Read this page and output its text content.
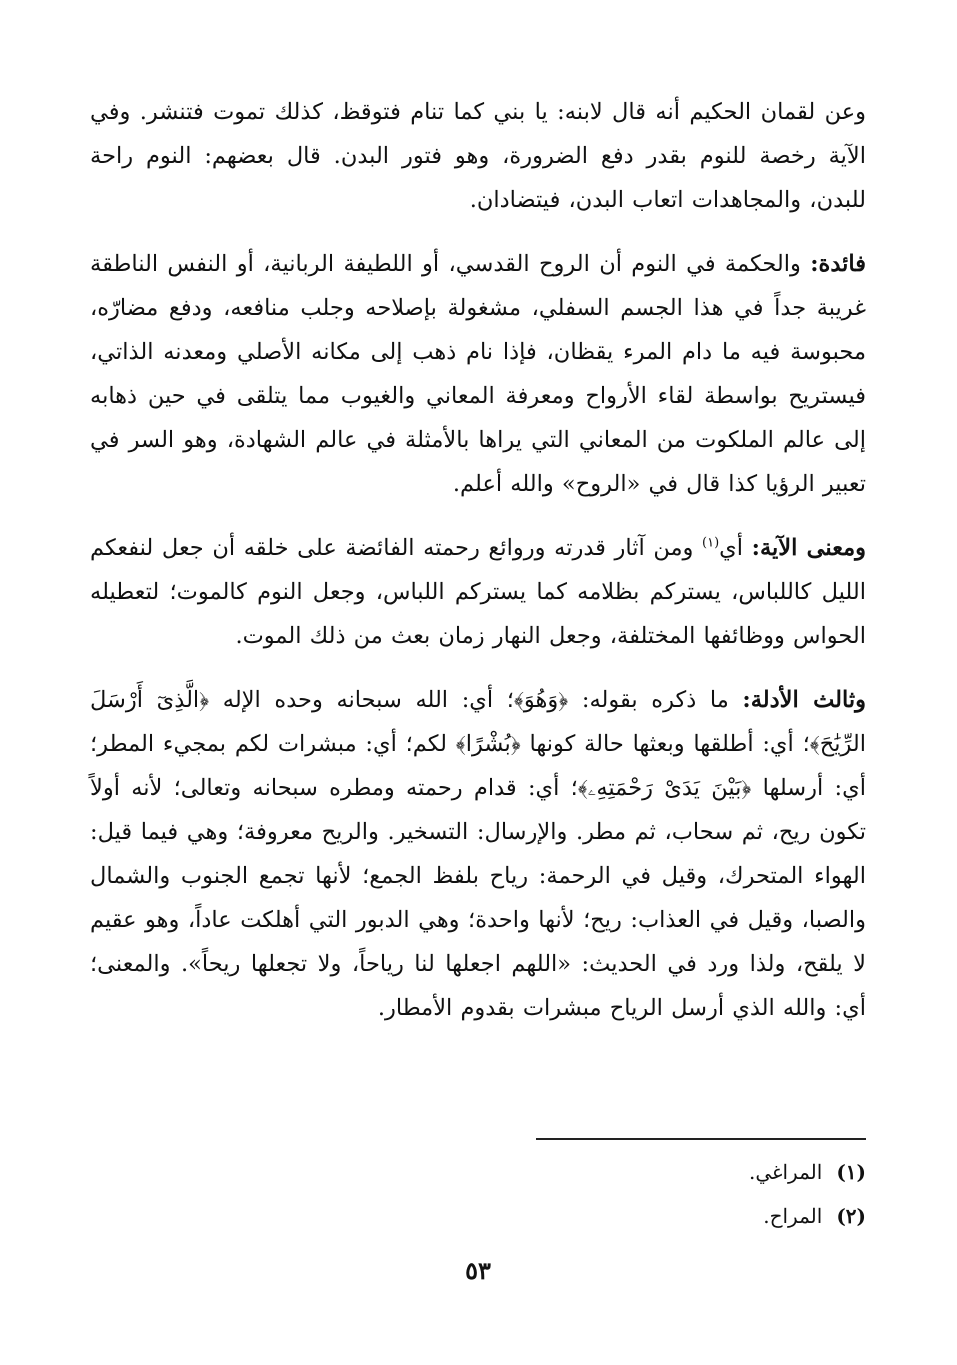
وعن لقمان الحكيم أنه قال لابنه: يا بني كما تنام فتوقظ، كذلك تموت فتنشر. وفي الآية رخصة للنوم بقدر دفع الضرورة، وهو فتور البدن. قال بعضهم: النوم راحة للبدن، والمجاهدات اتعاب البدن، فيتضادان.

فائدة: والحكمة في النوم أن الروح القدسي، أو اللطيفة الربانية، أو النفس الناطقة غريبة جداً في هذا الجسم السفلي، مشغولة بإصلاحه وجلب منافعه، ودفع مضارّه، محبوسة فيه ما دام المرء يقظان، فإذا نام ذهب إلى مكانه الأصلي ومعدنه الذاتي، فيستريح بواسطة لقاء الأرواح ومعرفة المعاني والغيوب مما يتلقى في حين ذهابه إلى عالم الملكوت من المعاني التي يراها بالأمثلة في عالم الشهادة، وهو السر في تعبير الرؤيا كذا قال في «الروح» والله أعلم.

ومعنى الآية: أي$^{(١)}$ ومن آثار قدرته وروائع رحمته الفائضة على خلقه أن جعل لنفعكم الليل كاللباس، يستركم بظلامه كما يستركم اللباس، وجعل النوم كالموت؛ لتعطيله الحواس ووظائفها المختلفة، وجعل النهار زمان بعث من ذلك الموت.

وثالث الأدلة: ما ذكره بقوله: ﴿وَهُوَ﴾؛ أي: الله سبحانه وحده الإله ﴿الَّذِىٓ أَرْسَلَ الرِّيَٰحَ﴾؛ أي: أطلقها وبعثها حالة كونها ﴿بُشْرًا﴾ لكم؛ أي: مبشرات لكم بمجيء المطر؛ أي: أرسلها ﴿بَيْنَ يَدَىْ رَحْمَتِهِۦ﴾؛ أي: قدام رحمته ومطره سبحانه وتعالى؛ لأنه أولاً تكون ريح، ثم سحاب، ثم مطر. والإرسال: التسخير. والريح معروفة؛ وهي فيما قيل: الهواء المتحرك، وقيل في الرحمة: رياح بلفظ الجمع؛ لأنها تجمع الجنوب والشمال والصبا، وقيل في العذاب: ريح؛ لأنها واحدة؛ وهي الدبور التي أهلكت عاداً، وهو عقيم لا يلقح، ولذا ورد في الحديث: «اللهم اجعلها لنا رياحاً، ولا تجعلها ريحاً». والمعنى؛ أي: والله الذي أرسل الرياح مبشرات بقدوم الأمطار.

(١)المراغي.
(٢)المراح.
٥٣
